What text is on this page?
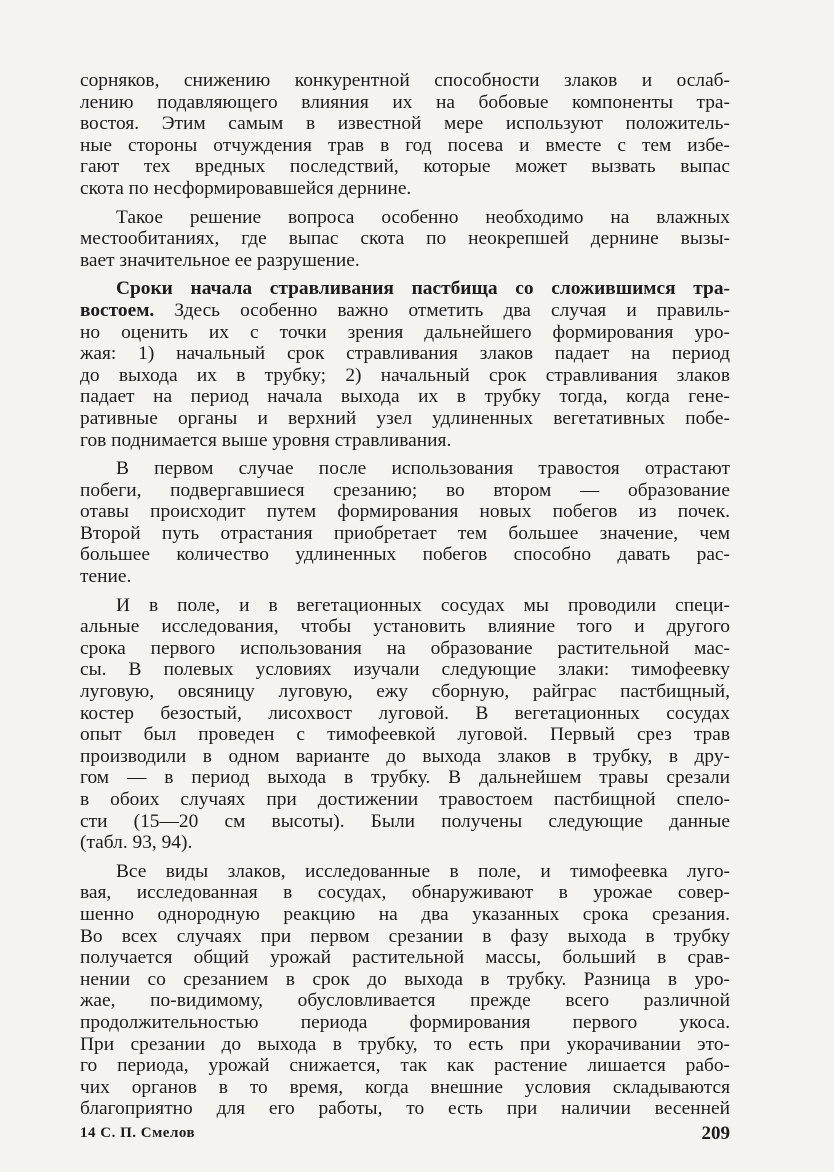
сорняков, снижению конкурентной способности злаков и ослаб-
лению подавляющего влияния их на бобовые компоненты тра-
востоя. Этим самым в известной мере используют положитель-
ные стороны отчуждения трав в год посева и вместе с тем избе-
гают тех вредных последствий, которые может вызвать выпас
скота по несформировавшейся дернине.
Такое решение вопроса особенно необходимо на влажных
местообитаниях, где выпас скота по неокрепшей дернине вызы-
вает значительное ее разрушение.
Сроки начала стравливания пастбища со сложившимся тра-
востоем. Здесь особенно важно отметить два случая и правиль-
но оценить их с точки зрения дальнейшего формирования уро-
жая: 1) начальный срок стравливания злаков падает на период
до выхода их в трубку; 2) начальный срок стравливания злаков
падает на период начала выхода их в трубку тогда, когда гене-
ративные органы и верхний узел удлиненных вегетативных побе-
гов поднимается выше уровня стравливания.
В первом случае после использования травостоя отрастают
побеги, подвергавшиеся срезанию; во втором — образование
отавы происходит путем формирования новых побегов из почек.
Второй путь отрастания приобретает тем большее значение, чем
большее количество удлиненных побегов способно давать рас-
тение.
И в поле, и в вегетационных сосудах мы проводили специ-
альные исследования, чтобы установить влияние того и другого
срока первого использования на образование растительной мас-
сы. В полевых условиях изучали следующие злаки: тимофеевку
луговую, овсяницу луговую, ежу сборную, райграс пастбищный,
костер безостый, лисохвост луговой. В вегетационных сосудах
опыт был проведен с тимофеевкой луговой. Первый срез трав
производили в одном варианте до выхода злаков в трубку, в дру-
гом — в период выхода в трубку. В дальнейшем травы срезали
в обоих случаях при достижении травостоем пастбищной спело-
сти (15—20 см высоты). Были получены следующие данные
(табл. 93, 94).
Все виды злаков, исследованные в поле, и тимофеевка луго-
вая, исследованная в сосудах, обнаруживают в урожае совер-
шенно однородную реакцию на два указанных срока срезания.
Во всех случаях при первом срезании в фазу выхода в трубку
получается общий урожай растительной массы, больший в срав-
нении со срезанием в срок до выхода в трубку. Разница в уро-
жае, по-видимому, обусловливается прежде всего различной
продолжительностью периода формирования первого укоса.
При срезании до выхода в трубку, то есть при укорачивании это-
го периода, урожай снижается, так как растение лишается рабо-
чих органов в то время, когда внешние условия складываются
благоприятно для его работы, то есть при наличии весенней
14 С. П. Смелов	209
